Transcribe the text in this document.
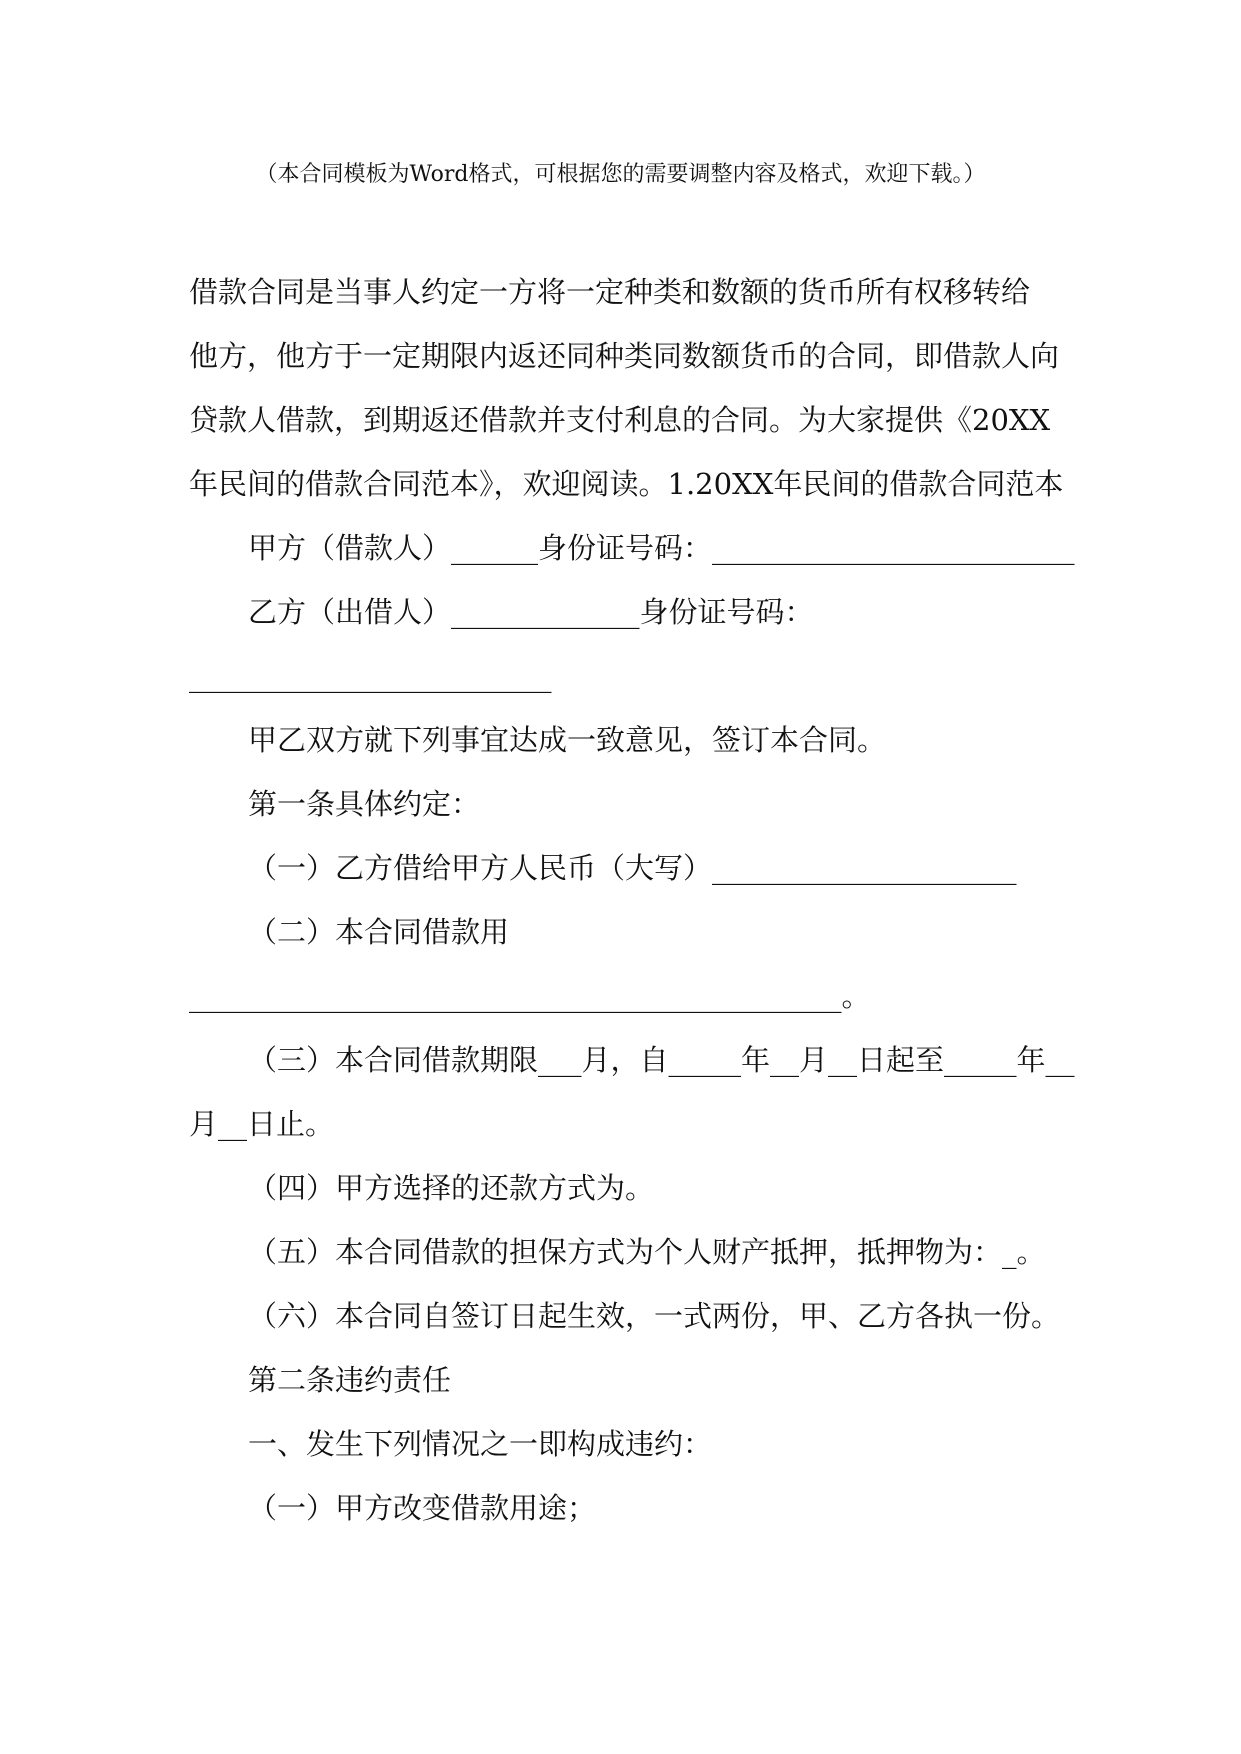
（本合同模板为Word格式，可根据您的需要调整内容及格式，欢迎下载。）
借款合同是当事人约定一方将一定种类和数额的货币所有权移转给
他方，他方于一定期限内返还同种类同数额货币的合同，即借款人向
贷款人借款，到期返还借款并支付利息的合同。为大家提供《20XX
年民间的借款合同范本》，欢迎阅读。1.20XX年民间的借款合同范本
甲方（借款人）______身份证号码：_________________________
乙方（出借人）_____________身份证号码：
_________________________
甲乙双方就下列事宜达成一致意见，签订本合同。
第一条具体约定：
（一）乙方借给甲方人民币（大写）_____________________
（二）本合同借款用
_____________________________________________。
（三）本合同借款期限___月，自_____年__月__日起至_____年__
月__日止。
（四）甲方选择的还款方式为。
（五）本合同借款的担保方式为个人财产抵押，抵押物为：_。
（六）本合同自签订日起生效，一式两份，甲、乙方各执一份。
第二条违约责任
一、发生下列情况之一即构成违约：
（一）甲方改变借款用途；
